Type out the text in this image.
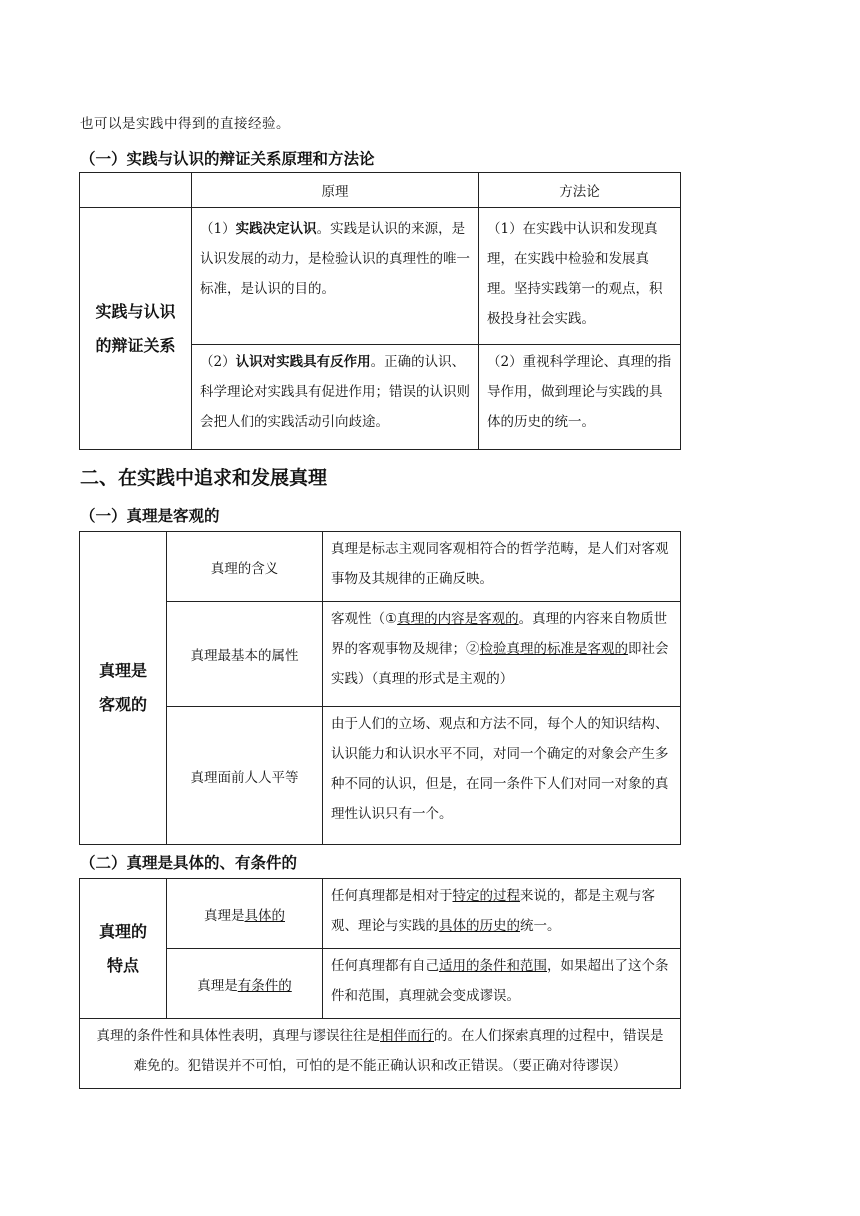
也可以是实践中得到的直接经验。
（一）实践与认识的辩证关系原理和方法论
	原理	方法论

实践与认识的辩证关系	（1）实践决定认识。实践是认识的来源，是认识发展的动力，是检验认识的真理性的唯一标准，是认识的目的。	（1）在实践中认识和发现真理，在实践中检验和发展真理。坚持实践第一的观点，积极投身社会实践。

	（2）认识对实践具有反作用。正确的认识、科学理论对实践具有促进作用；错误的认识则会把人们的实践活动引向歧途。	（2）重视科学理论、真理的指导作用，做到理论与实践的具体的历史的统一。
二、在实践中追求和发展真理
（一）真理是客观的
真理是客观的	真理的含义	真理是标志主观同客观相符合的哲学范畴，是人们对客观事物及其规律的正确反映。

	真理最基本的属性	客观性（①真理的内容是客观的。真理的内容来自物质世界的客观事物及规律；②检验真理的标准是客观的即社会实践）（真理的形式是主观的）

	真理面前人人平等	由于人们的立场、观点和方法不同，每个人的知识结构、认识能力和认识水平不同，对同一个确定的对象会产生多种不同的认识，但是，在同一条件下人们对同一对象的真理性认识只有一个。
（二）真理是具体的、有条件的
真理的特点	真理是具体的	任何真理都是相对于特定的过程来说的，都是主观与客观、理论与实践的具体的历史的统一。

	真理是有条件的	任何真理都有自己适用的条件和范围，如果超出了这个条件和范围，真理就会变成谬误。

真理的条件性和具体性表明，真理与谬误往往是相伴而行的。在人们探索真理的过程中，错误是难免的。犯错误并不可怕，可怕的是不能正确认识和改正错误。（要正确对待谬误）		
